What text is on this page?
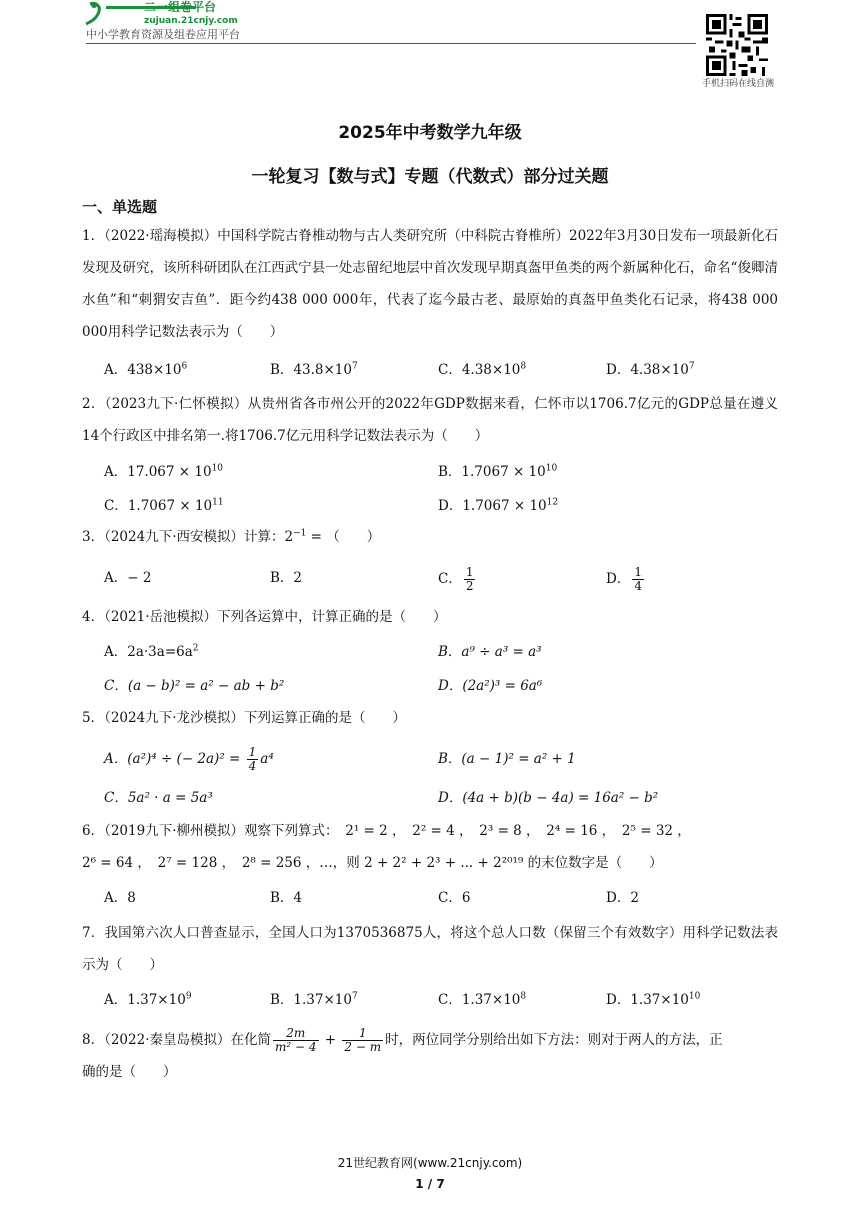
二一组卷平台
zujuan.21cnjy.com
中小学教育资源及组卷应用平台
手机扫码在线自测
2025年中考数学九年级
一轮复习【数与式】专题（代数式）部分过关题
一、单选题
1．（2022·瑶海模拟）中国科学院古脊椎动物与古人类研究所（中科院古脊椎所）2022年3月30日发布一项最新化石发现及研究，该所科研团队在江西武宁县一处志留纪地层中首次发现早期真盔甲鱼类的两个新属种化石，命名“俊卿清水鱼”和“刺猬安吉鱼”．距今约438 000 000年，代表了迄今最古老、最原始的真盔甲鱼类化石记录，将438 000 000用科学记数法表示为（　　）
A．$438\times 10^6$	B．$43.8\times 10^7$	C．$4.38\times 10^8$	D．$4.38\times 10^7$
2．（2023九下·仁怀模拟）从贵州省各市州公开的2022年GDP数据来看，仁怀市以1706.7亿元的GDP总量在遵义14个行政区中排名第一.将1706.7亿元用科学记数法表示为（　　）
A．$17.067 \times 10^{10}$	B．$1.7067 \times 10^{10}$
C．$1.7067 \times 10^{11}$	D．$1.7067 \times 10^{12}$
3．（2024九下·西安模拟）计算：$2^{-1}$ = （　　）
A．− 2	B．2	C． $\frac{1}{2}$	D． $\frac{1}{4}$
4．（2021·岳池模拟）下列各运算中，计算正确的是（　　）
A．$2a\cdot 3a=6a^2$	B．a⁹ ÷ a³ = a³
C．(a − b)² = a² − ab + b²	D．(2a²)³ = 6a⁶
5．（2024九下·龙沙模拟）下列运算正确的是（　　）
A．(a²)⁴ ÷ (− $2a)^2 = \frac{1}{4} a^4$	B．(a − 1)² = a² + 1
C．5a² · a = 5a³	D．(4a + b)(b − 4a) = 16a² − b²
6．（2019九下·柳州模拟）观察下列算式：　2¹ = 2 ，　2² = 4 ，　2³ = 8 ，　2⁴ = 16 ，　2⁵ = 32 ，
2⁶ = 64 ，　2⁷ = 128 ，　2⁸ = 256 ，…，则 2 + 2² + 2³ + ... + 2²⁰¹⁹ 的末位数字是（　　）
A．8	B．4	C．6	D．2
7．我国第六次人口普查显示，全国人口为1370536875人，将这个总人口数（保留三个有效数字）用科学记数法表示为（　　）
A．$1.37\times 10^9$	B．$1.37\times 10^7$	C．$1.37\times 10^8$	D．$1.37\times 10^{10}$
8．（2022·秦皇岛模拟）在化简 $\frac{2m}{\text{m² − 4}} + \frac{1}{2 - m}$ 时，两位同学分别给出如下方法：则对于两人的方法，正
确的是（　　）
21世纪教育网(www.21cnjy.com)
1 / 7
